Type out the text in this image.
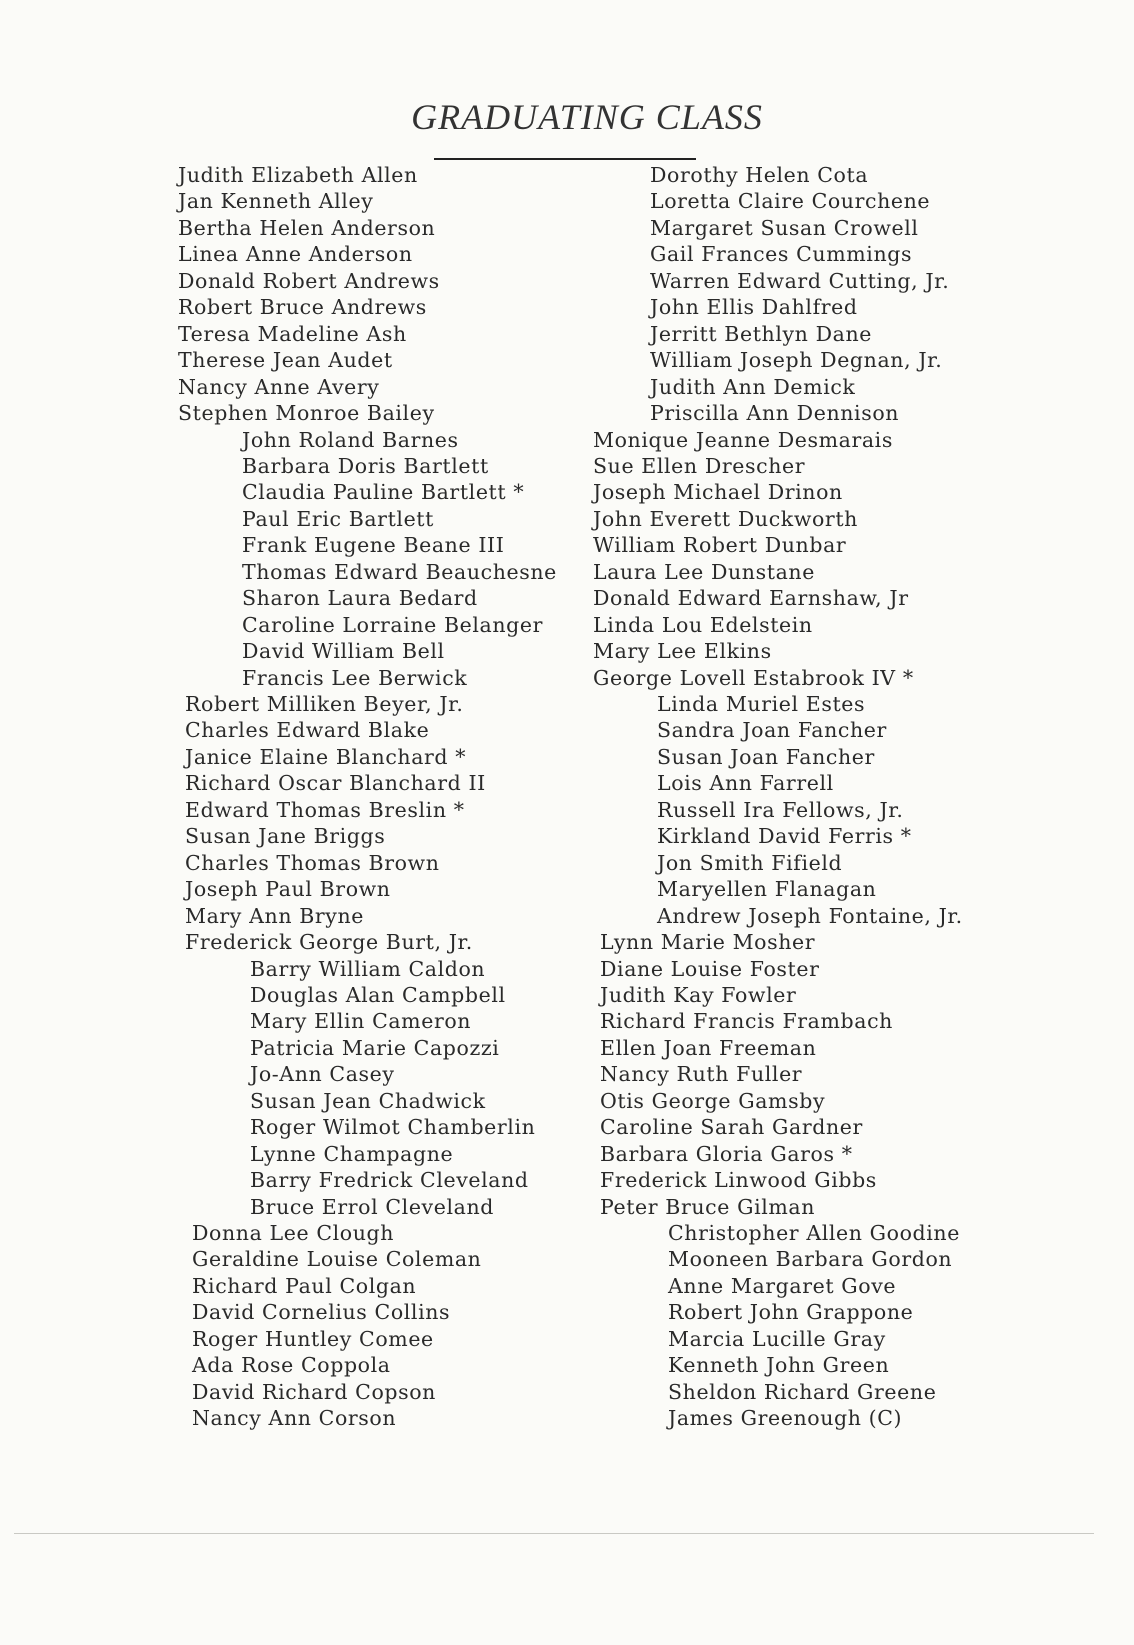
GRADUATING CLASS
Judith Elizabeth Allen
Jan Kenneth Alley
Bertha Helen Anderson
Linea Anne Anderson
Donald Robert Andrews
Robert Bruce Andrews
Teresa Madeline Ash
Therese Jean Audet
Nancy Anne Avery
Stephen Monroe Bailey
John Roland Barnes
Barbara Doris Bartlett
Claudia Pauline Bartlett *
Paul Eric Bartlett
Frank Eugene Beane III
Thomas Edward Beauchesne
Sharon Laura Bedard
Caroline Lorraine Belanger
David William Bell
Francis Lee Berwick
Robert Milliken Beyer, Jr.
Charles Edward Blake
Janice Elaine Blanchard *
Richard Oscar Blanchard II
Edward Thomas Breslin *
Susan Jane Briggs
Charles Thomas Brown
Joseph Paul Brown
Mary Ann Bryne
Frederick George Burt, Jr.
Barry William Caldon
Douglas Alan Campbell
Mary Ellin Cameron
Patricia Marie Capozzi
Jo-Ann Casey
Susan Jean Chadwick
Roger Wilmot Chamberlin
Lynne Champagne
Barry Fredrick Cleveland
Bruce Errol Cleveland
Donna Lee Clough
Geraldine Louise Coleman
Richard Paul Colgan
David Cornelius Collins
Roger Huntley Comee
Ada Rose Coppola
David Richard Copson
Nancy Ann Corson
Dorothy Helen Cota
Loretta Claire Courchene
Margaret Susan Crowell
Gail Frances Cummings
Warren Edward Cutting, Jr.
John Ellis Dahlfred
Jerritt Bethlyn Dane
William Joseph Degnan, Jr.
Judith Ann Demick
Priscilla Ann Dennison
Monique Jeanne Desmarais
Sue Ellen Drescher
Joseph Michael Drinon
John Everett Duckworth
William Robert Dunbar
Laura Lee Dunstane
Donald Edward Earnshaw, Jr
Linda Lou Edelstein
Mary Lee Elkins
George Lovell Estabrook IV *
Linda Muriel Estes
Sandra Joan Fancher
Susan Joan Fancher
Lois Ann Farrell
Russell Ira Fellows, Jr.
Kirkland David Ferris *
Jon Smith Fifield
Maryellen Flanagan
Andrew Joseph Fontaine, Jr.
Lynn Marie Mosher
Diane Louise Foster
Judith Kay Fowler
Richard Francis Frambach
Ellen Joan Freeman
Nancy Ruth Fuller
Otis George Gamsby
Caroline Sarah Gardner
Barbara Gloria Garos *
Frederick Linwood Gibbs
Peter Bruce Gilman
Christopher Allen Goodine
Mooneen Barbara Gordon
Anne Margaret Gove
Robert John Grappone
Marcia Lucille Gray
Kenneth John Green
Sheldon Richard Greene
James Greenough (C)
